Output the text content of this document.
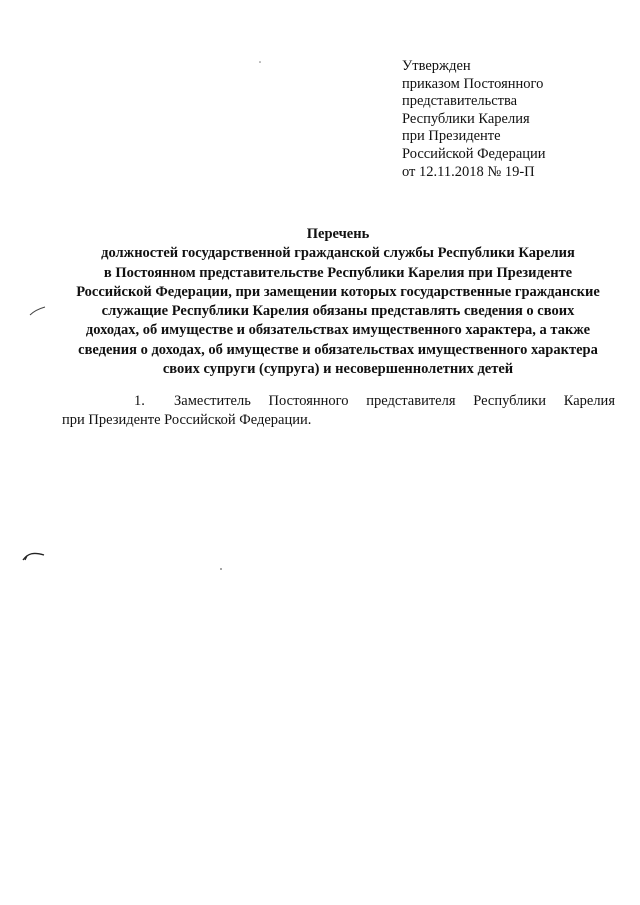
Утвержден
приказом Постоянного
представительства
Республики Карелия
при Президенте
Российской Федерации
от 12.11.2018 № 19-П
Перечень
должностей государственной гражданской службы Республики Карелия
в Постоянном представительстве Республики Карелия при Президенте
Российской Федерации, при замещении которых государственные гражданские
служащие Республики Карелия обязаны представлять сведения о своих
доходах, об имуществе и обязательствах имущественного характера, а также
сведения о доходах, об имуществе и обязательствах имущественного характера
своих супруги (супруга) и несовершеннолетних детей
1. Заместитель Постоянного представителя Республики Карелия
при Президенте Российской Федерации.
